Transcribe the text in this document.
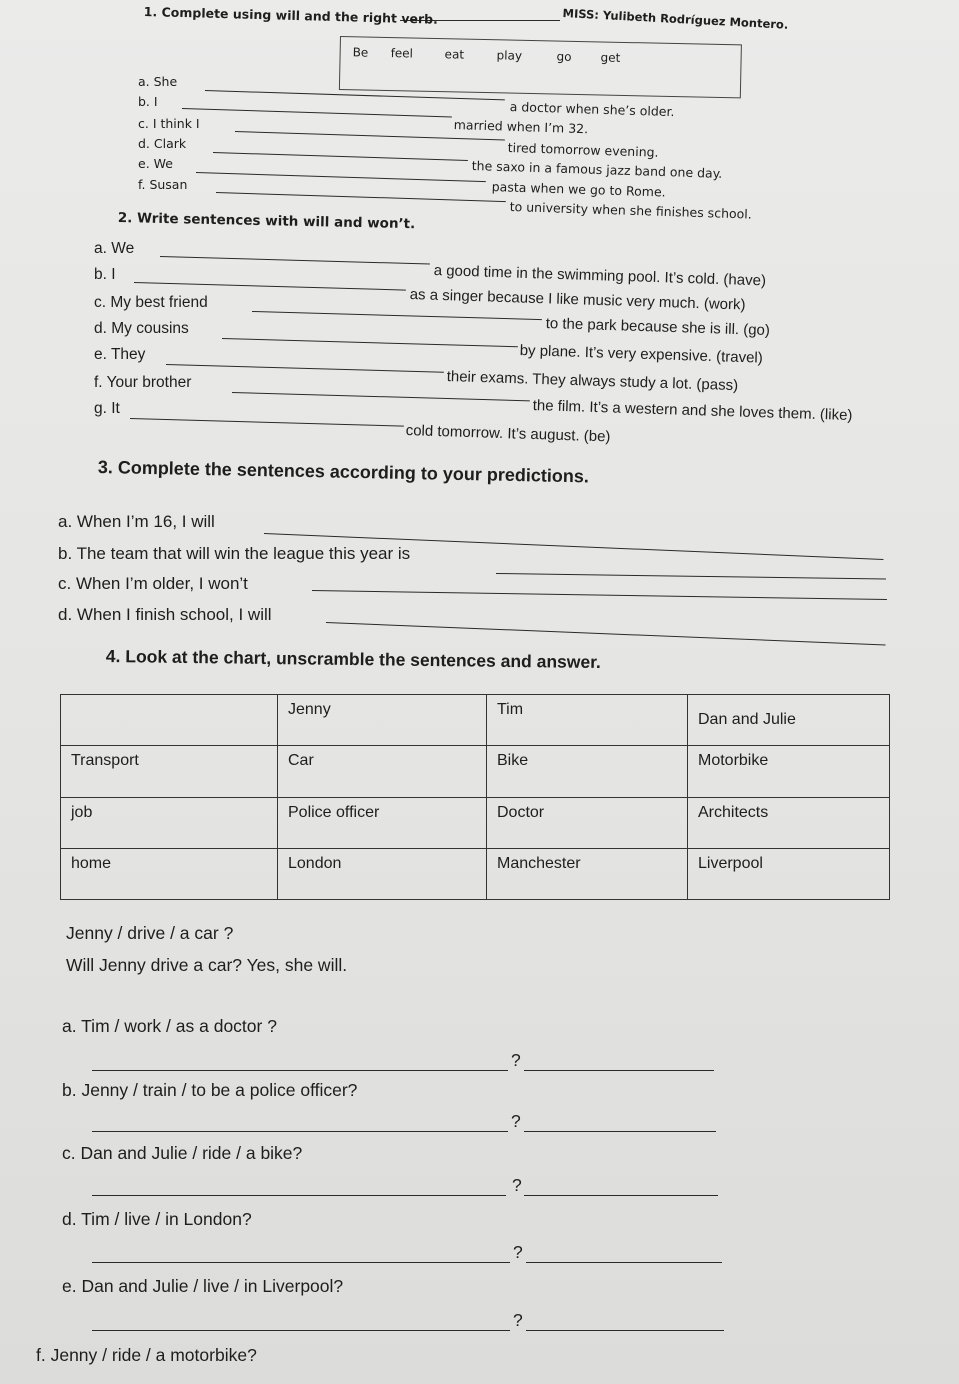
MISS: Yulibeth Rodríguez Montero.
1. Complete using will and the right verb.
Be feel	eat	play	go get
a. She
a doctor when she’s older.
b. I
married when I’m 32.
c. I think I
tired tomorrow evening.
d. Clark
the saxo in a famous jazz band one day.
e. We
pasta when we go to Rome.
f. Susan
to university when she finishes school.
2. Write sentences with will and won’t.
a. We
a good time in the swimming pool. It’s cold. (have)
b. I
as a singer because I like music very much. (work)
c. My best friend
to the park because she is ill. (go)
d. My cousins
by plane. It’s very expensive. (travel)
e. They
their exams. They always study a lot. (pass)
f. Your brother
the film. It’s a western and she loves them. (like)
g. It
cold tomorrow. It’s august. (be)
3. Complete the sentences according to your predictions.
a. When I’m 16, I will
b. The team that will win the league this year is
c. When I’m older, I won’t
d. When I finish school, I will
4. Look at the chart, unscramble the sentences and answer.
	Jenny	Tim	Dan and Julie
Transport	Car	Bike	Motorbike
job	Police officer	Doctor	Architects
home	London	Manchester	Liverpool
Jenny / drive / a car ?
Will Jenny drive a car? Yes, she will.
a. Tim / work / as a doctor ?
?
b. Jenny / train / to be a police officer?
?
c. Dan and Julie / ride / a bike?
?
d. Tim / live / in London?
?
e. Dan and Julie / live / in Liverpool?
?
f. Jenny / ride / a motorbike?
